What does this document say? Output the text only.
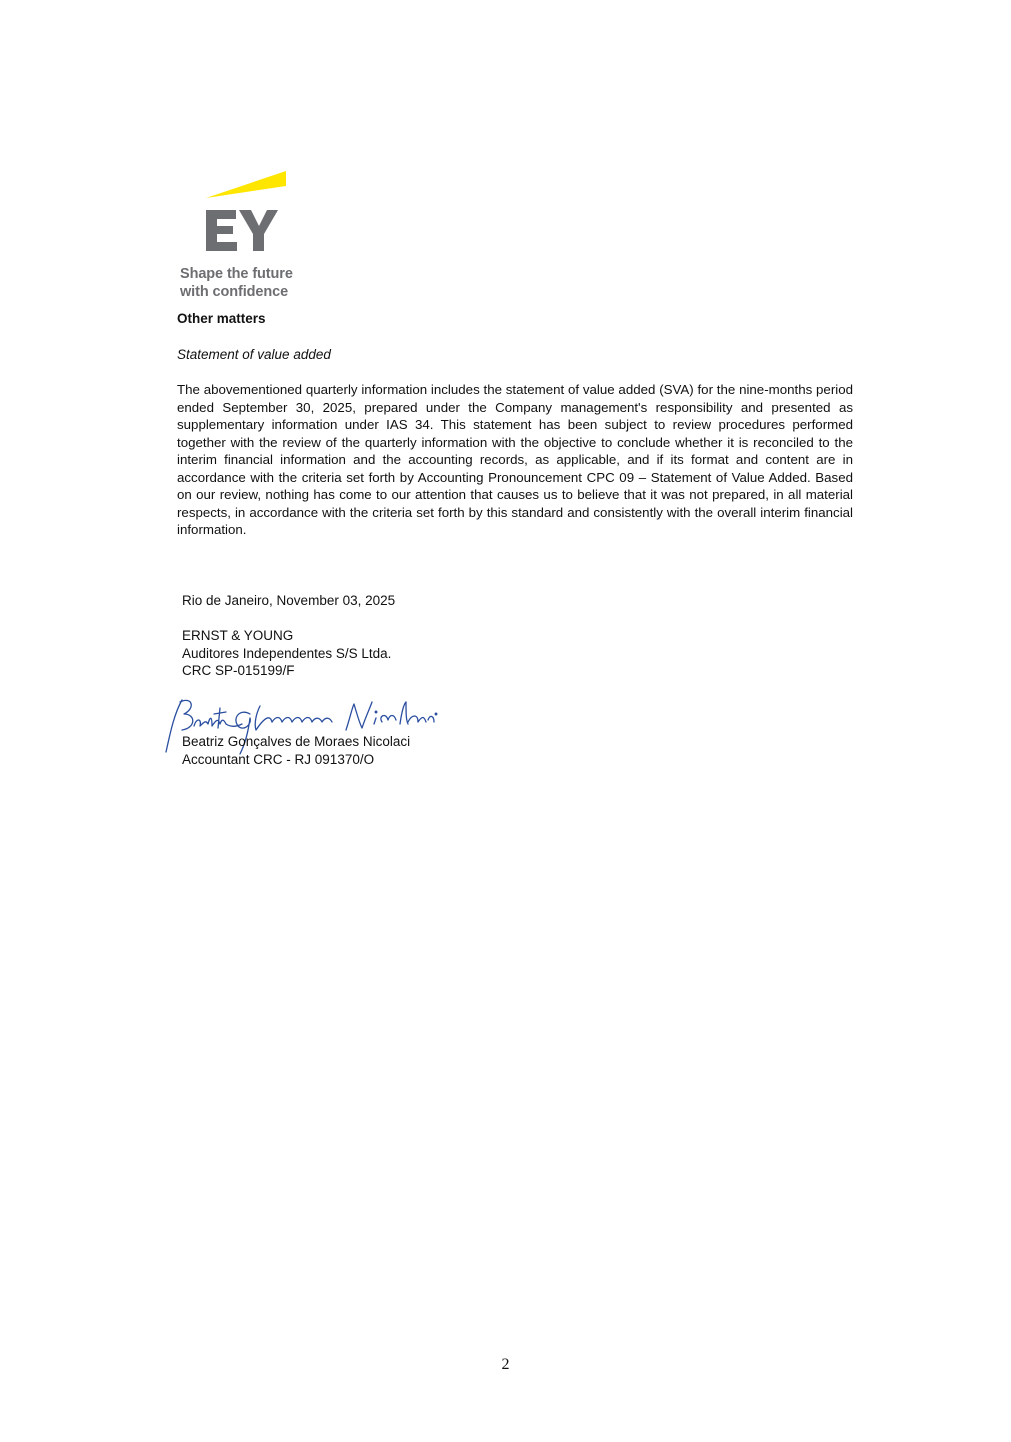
Shape the future
with confidence
Other matters
Statement of value added

The abovementioned quarterly information includes the statement of value added (SVA) for the nine-months period ended September 30, 2025, prepared under the Company management's responsibility and presented as supplementary information under IAS 34. This statement has been subject to review procedures performed together with the review of the quarterly information with the objective to conclude whether it is reconciled to the interim financial information and the accounting records, as applicable, and if its format and content are in accordance with the criteria set forth by Accounting Pronouncement CPC 09 – Statement of Value Added. Based on our review, nothing has come to our attention that causes us to believe that it was not prepared, in all material respects, in accordance with the criteria set forth by this standard and consistently with the overall interim financial information.

Rio de Janeiro, November 03, 2025
ERNST & YOUNG
Auditores Independentes S/S Ltda.
CRC SP-015199/F
Beatriz Gonçalves de Moraes Nicolaci
Accountant CRC - RJ 091370/O
2
